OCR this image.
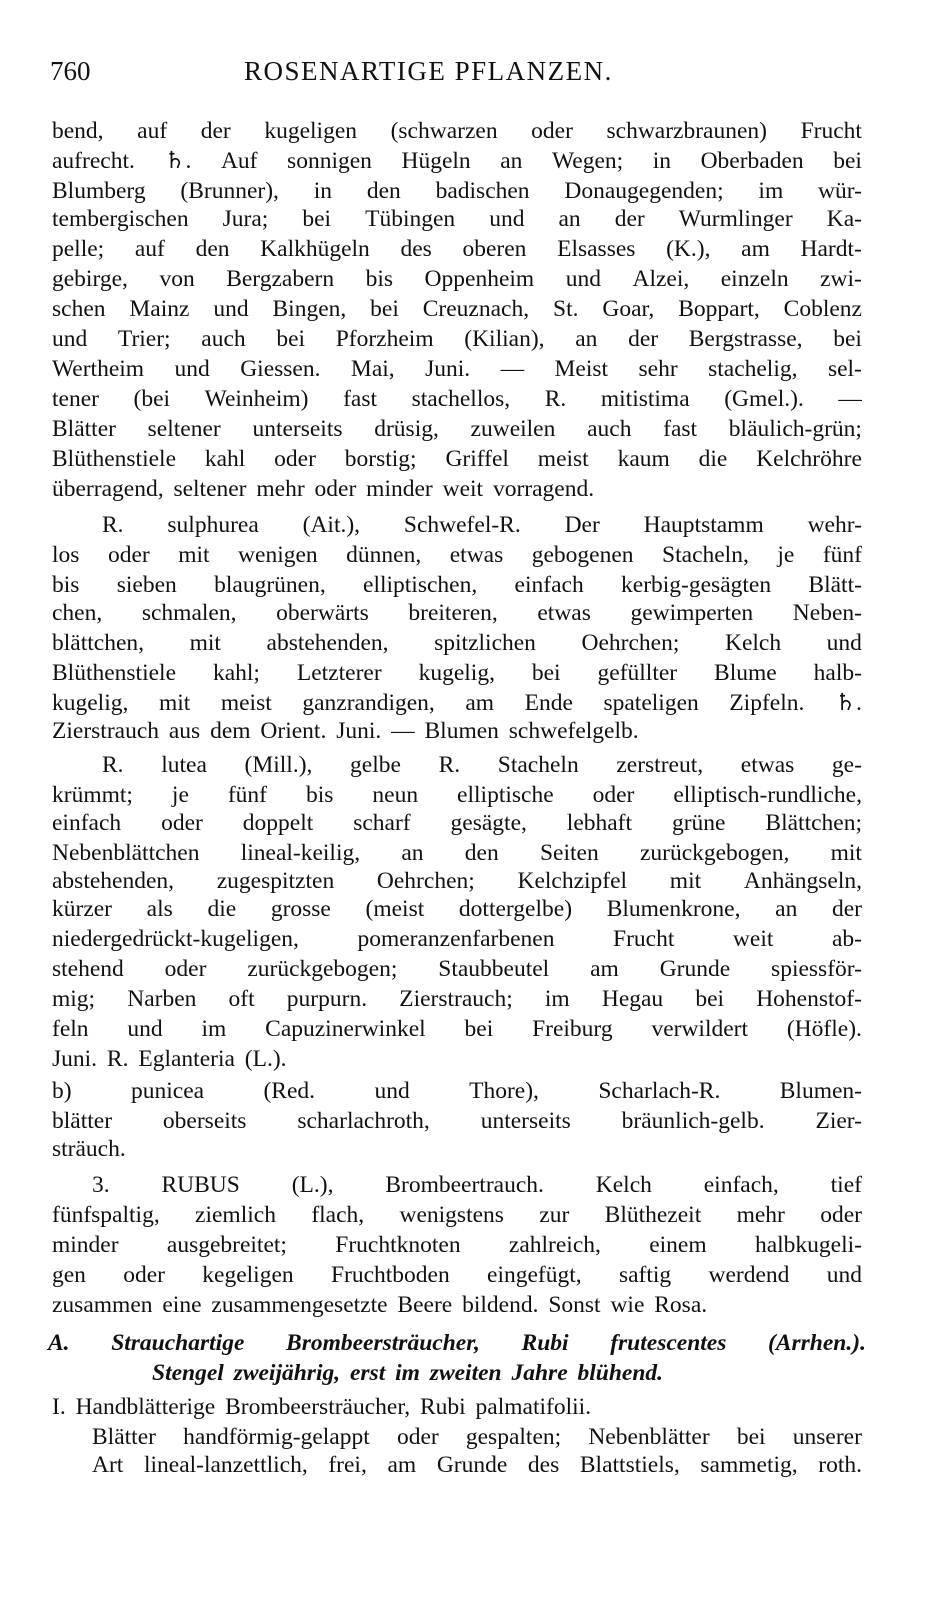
760	ROSENARTIGE PFLANZEN.
bend, auf der kugeligen (schwarzen oder schwarzbraunen) Frucht
aufrecht. ♄. Auf sonnigen Hügeln an Wegen; in Oberbaden bei
Blumberg (Brunner), in den badischen Donaugegenden; im wür-
tembergischen Jura; bei Tübingen und an der Wurmlinger Ka-
pelle; auf den Kalkhügeln des oberen Elsasses (K.), am Hardt-
gebirge, von Bergzabern bis Oppenheim und Alzei, einzeln zwi-
schen Mainz und Bingen, bei Creuznach, St. Goar, Boppart, Coblenz
und Trier; auch bei Pforzheim (Kilian), an der Bergstrasse, bei
Wertheim und Giessen. Mai, Juni. — Meist sehr stachelig, sel-
tener (bei Weinheim) fast stachellos, R. mitistima (Gmel.). —
Blätter seltener unterseits drüsig, zuweilen auch fast bläulich-grün;
Blüthenstiele kahl oder borstig; Griffel meist kaum die Kelchröhre
überragend, seltener mehr oder minder weit vorragend.
R. sulphurea (Ait.), Schwefel-R. Der Hauptstamm wehr-
los oder mit wenigen dünnen, etwas gebogenen Stacheln, je fünf
bis sieben blaugrünen, elliptischen, einfach kerbig-gesägten Blätt-
chen, schmalen, oberwärts breiteren, etwas gewimperten Neben-
blättchen, mit abstehenden, spitzlichen Oehrchen; Kelch und
Blüthenstiele kahl; Letzterer kugelig, bei gefüllter Blume halb-
kugelig, mit meist ganzrandigen, am Ende spateligen Zipfeln. ♄.
Zierstrauch aus dem Orient. Juni. — Blumen schwefelgelb.
R. lutea (Mill.), gelbe R. Stacheln zerstreut, etwas ge-
krümmt; je fünf bis neun elliptische oder elliptisch-rundliche,
einfach oder doppelt scharf gesägte, lebhaft grüne Blättchen;
Nebenblättchen lineal-keilig, an den Seiten zurückgebogen, mit
abstehenden, zugespitzten Oehrchen; Kelchzipfel mit Anhängseln,
kürzer als die grosse (meist dottergelbe) Blumenkrone, an der
niedergedrückt-kugeligen, pomeranzenfarbenen Frucht weit ab-
stehend oder zurückgebogen; Staubbeutel am Grunde spiessför-
mig; Narben oft purpurn. Zierstrauch; im Hegau bei Hohenstof-
feln und im Capuzinerwinkel bei Freiburg verwildert (Höfle).
Juni. R. Eglanteria (L.).
b)	punicea	(Red.	und	Thore),	Scharlach-R.	Blumen-
blätter oberseits scharlachroth, unterseits bräunlich-gelb. Zier-
sträuch.
3. RUBUS (L.), Brombeertrauch. Kelch einfach, tief
fünfspaltig, ziemlich flach, wenigstens zur Blüthezeit mehr oder
minder ausgebreitet; Fruchtknoten zahlreich, einem halbkugeli-
gen oder kegeligen Fruchtboden eingefügt, saftig werdend und
zusammen eine zusammengesetzte Beere bildend. Sonst wie Rosa.
A. Strauchartige Brombeersträucher, Rubi frutescentes (Arrhen.).
Stengel zweijährig, erst im zweiten Jahre blühend.
I. Handblätterige Brombeersträucher, Rubi palmatifolii.
Blätter handförmig-gelappt oder gespalten; Nebenblätter bei unserer
Art lineal-lanzettlich, frei, am Grunde des Blattstiels, sammetig, roth.
